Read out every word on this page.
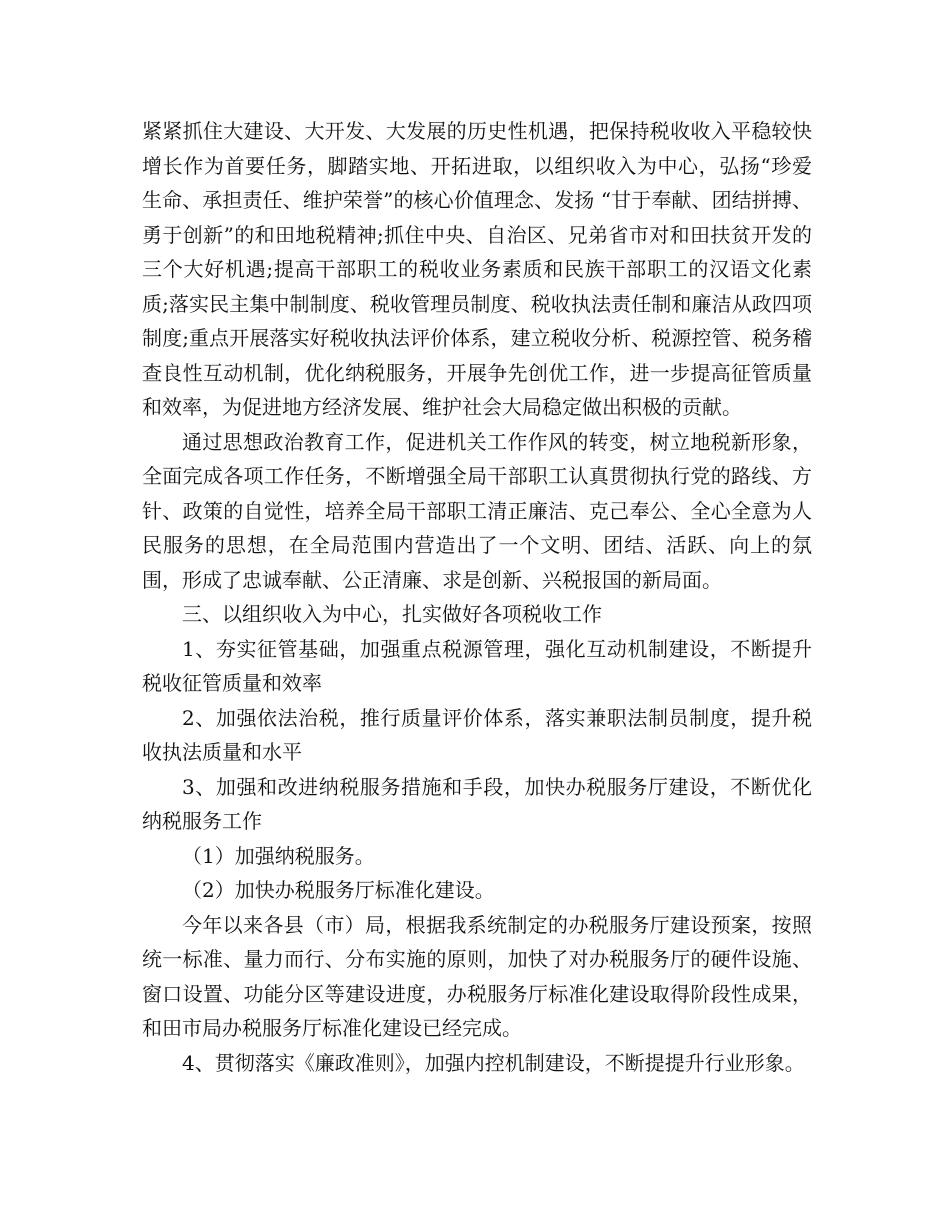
紧紧抓住大建设、大开发、大发展的历史性机遇，把保持税收收入平稳较快增长作为首要任务，脚踏实地、开拓进取，以组织收入为中心，弘扬“珍爱生命、承担责任、维护荣誉”的核心价值理念、发扬 “甘于奉献、团结拼搏、勇于创新”的和田地税精神;抓住中央、自治区、兄弟省市对和田扶贫开发的三个大好机遇;提高干部职工的税收业务素质和民族干部职工的汉语文化素质;落实民主集中制制度、税收管理员制度、税收执法责任制和廉洁从政四项制度;重点开展落实好税收执法评价体系，建立税收分析、税源控管、税务稽查良性互动机制，优化纳税服务，开展争先创优工作，进一步提高征管质量和效率，为促进地方经济发展、维护社会大局稳定做出积极的贡献。

通过思想政治教育工作，促进机关工作作风的转变，树立地税新形象，全面完成各项工作任务，不断增强全局干部职工认真贯彻执行党的路线、方针、政策的自觉性，培养全局干部职工清正廉洁、克己奉公、全心全意为人民服务的思想，在全局范围内营造出了一个文明、团结、活跃、向上的氛围，形成了忠诚奉献、公正清廉、求是创新、兴税报国的新局面。

三、以组织收入为中心，扎实做好各项税收工作

1、夯实征管基础，加强重点税源管理，强化互动机制建设，不断提升税收征管质量和效率

2、加强依法治税，推行质量评价体系，落实兼职法制员制度，提升税收执法质量和水平

3、加强和改进纳税服务措施和手段，加快办税服务厅建设，不断优化纳税服务工作

（1）加强纳税服务。

（2）加快办税服务厅标准化建设。

今年以来各县（市）局，根据我系统制定的办税服务厅建设预案，按照统一标准、量力而行、分布实施的原则，加快了对办税服务厅的硬件设施、窗口设置、功能分区等建设进度，办税服务厅标准化建设取得阶段性成果，和田市局办税服务厅标准化建设已经完成。

4、贯彻落实《廉政准则》，加强内控机制建设，不断提提升行业形象。
